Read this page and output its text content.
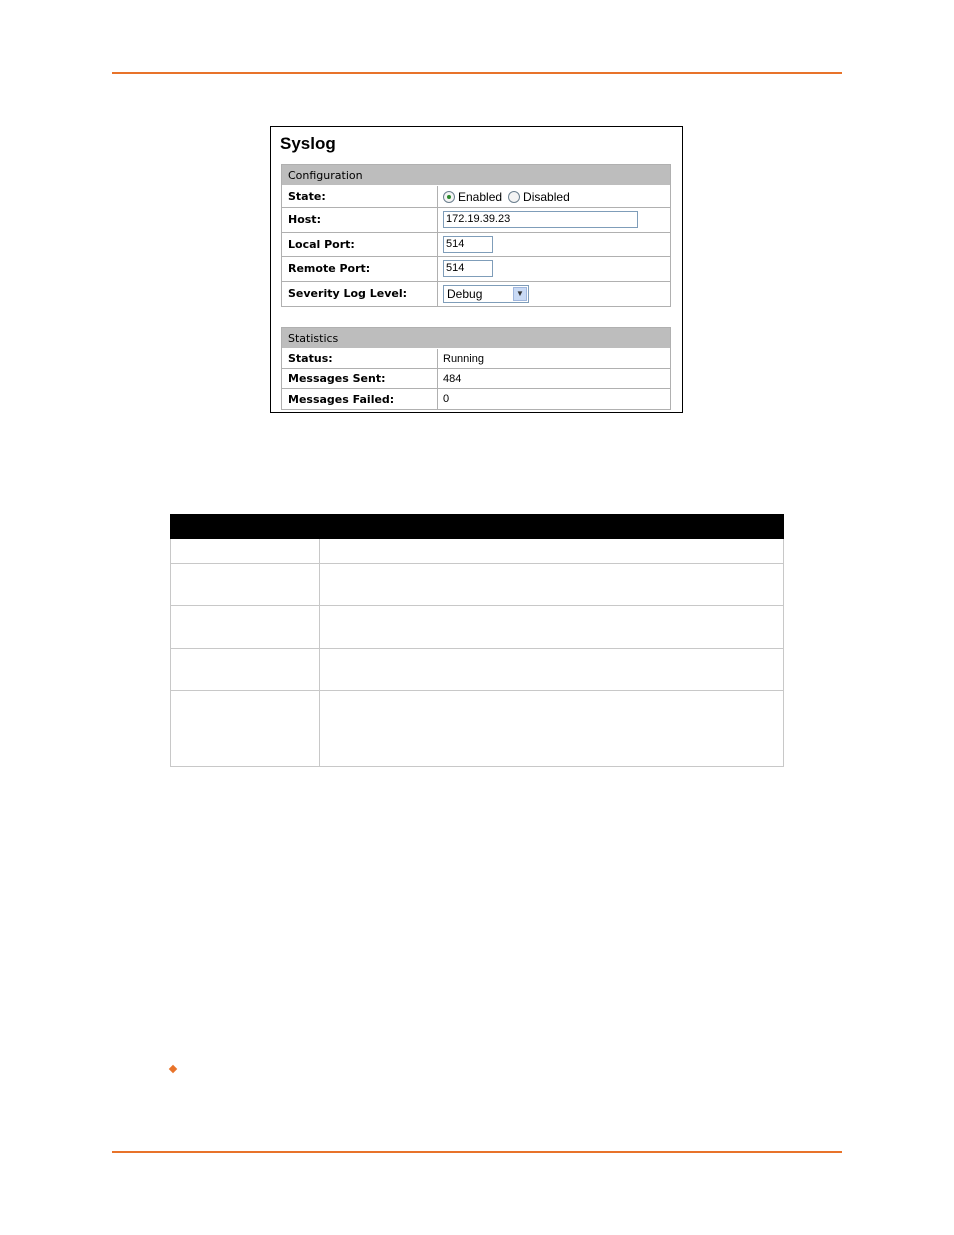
Syslog
Configuration
State:	Enabled Disabled
Host:	172.19.39.23
Local Port:	514
Remote Port:	514
Severity Log Level:	Debug	▼
Statistics
Status:	Running
Messages Sent:	484
Messages Failed:	0
